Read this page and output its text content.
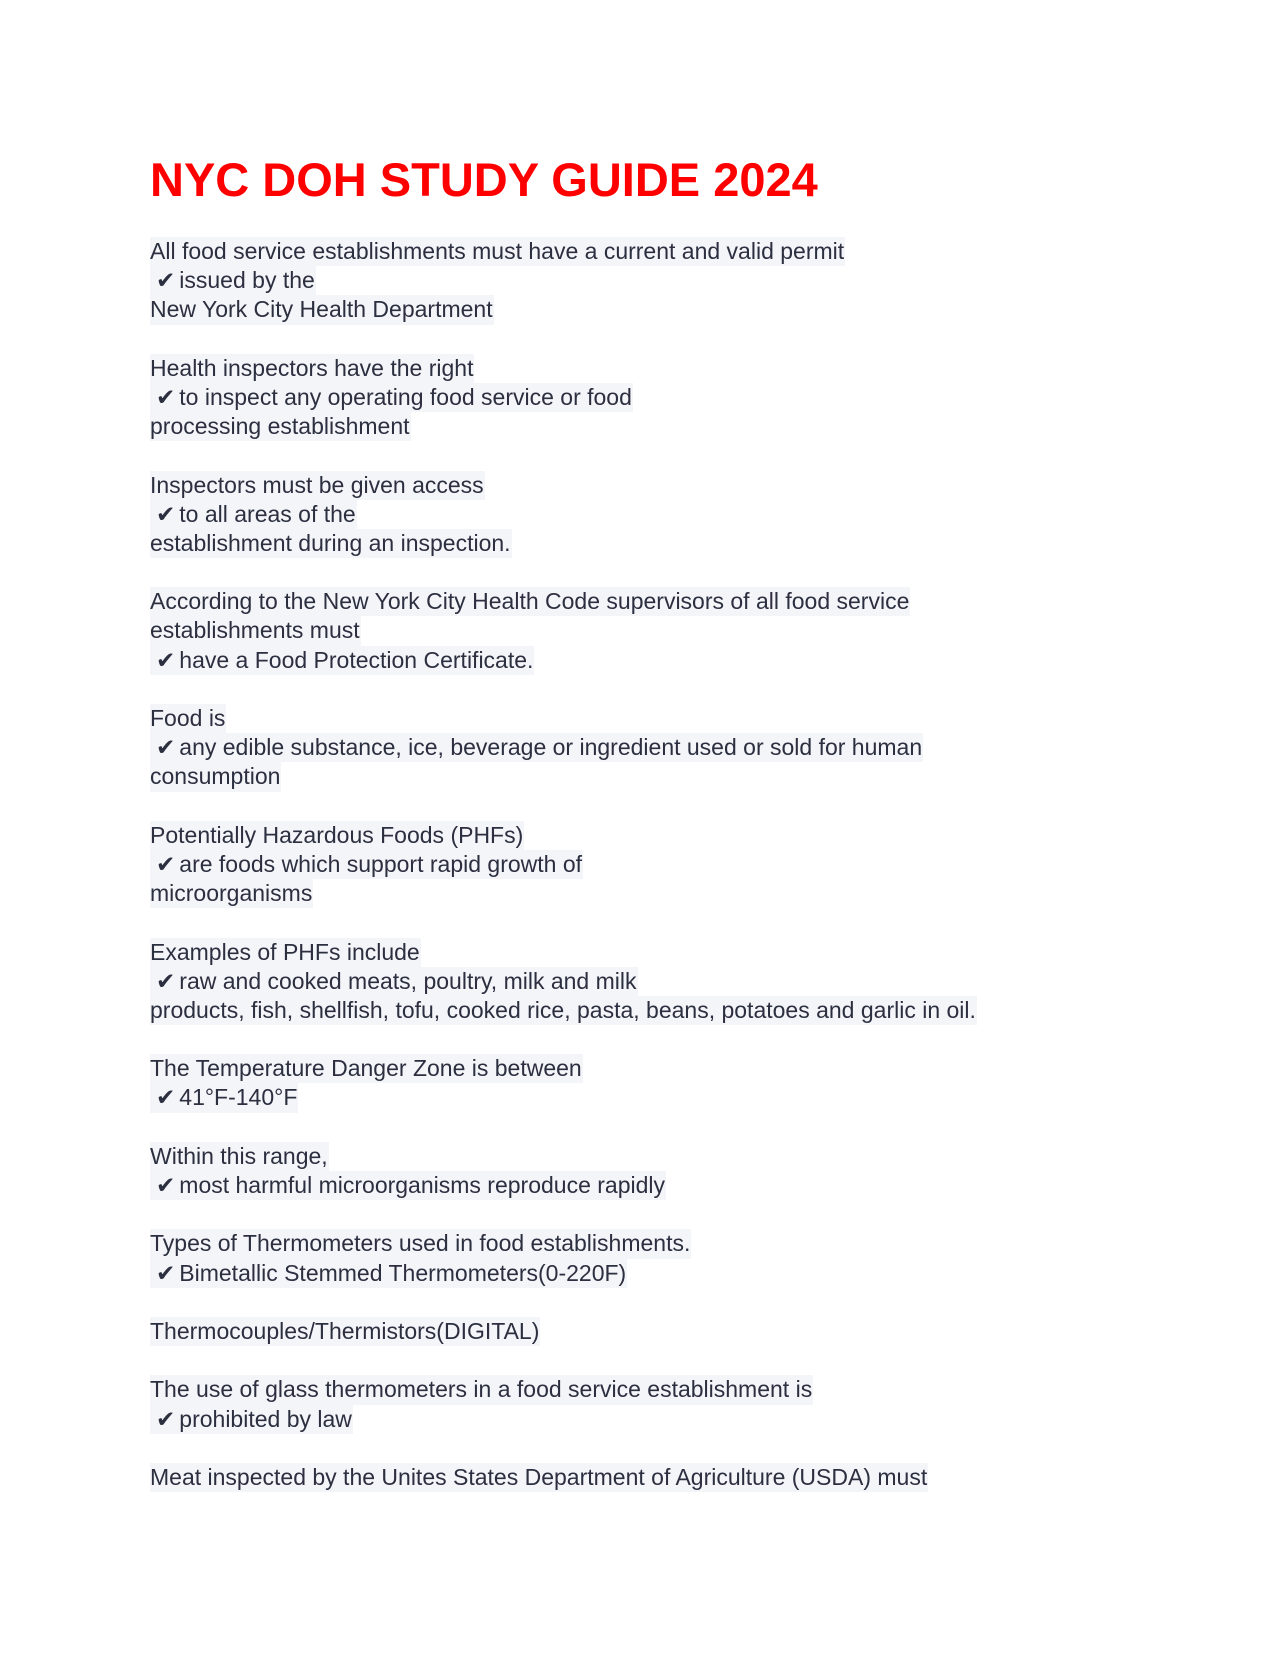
NYC DOH STUDY GUIDE 2024
All food service establishments must have a current and valid permit
✔ issued by the
New York City Health Department
Health inspectors have the right
✔ to inspect any operating food service or food
processing establishment
Inspectors must be given access
✔ to all areas of the
establishment during an inspection.
According to the New York City Health Code supervisors of all food service
establishments must
✔ have a Food Protection Certificate.
Food is
✔ any edible substance, ice, beverage or ingredient used or sold for human
consumption
Potentially Hazardous Foods (PHFs)
✔ are foods which support rapid growth of
microorganisms
Examples of PHFs include
✔ raw and cooked meats, poultry, milk and milk
products, fish, shellfish, tofu, cooked rice, pasta, beans, potatoes and garlic in oil.
The Temperature Danger Zone is between
✔ 41°F-140°F
Within this range,
✔ most harmful microorganisms reproduce rapidly
Types of Thermometers used in food establishments.
✔ Bimetallic Stemmed Thermometers(0-220F)
Thermocouples/Thermistors(DIGITAL)
The use of glass thermometers in a food service establishment is
✔ prohibited by law
Meat inspected by the Unites States Department of Agriculture (USDA) must
